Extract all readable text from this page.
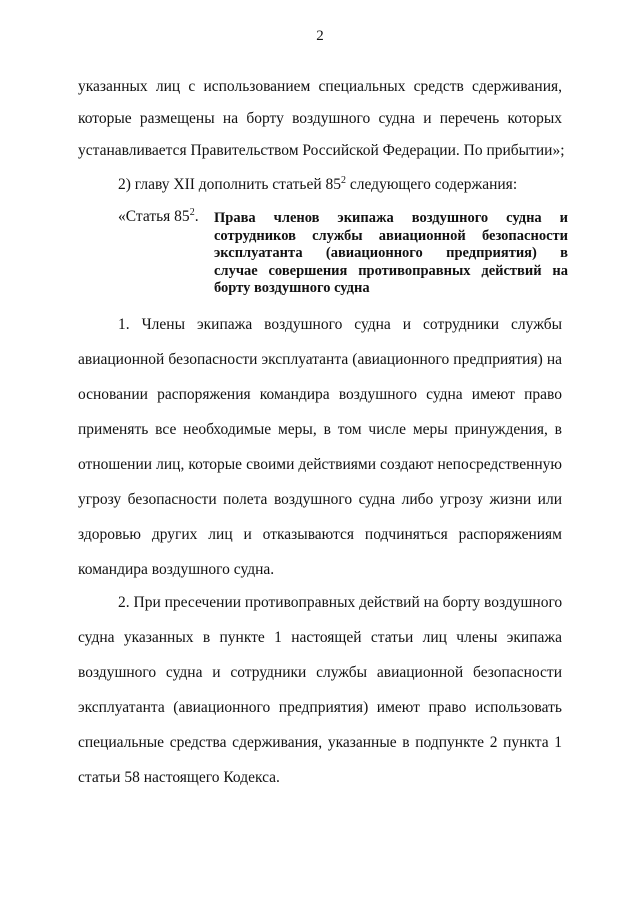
2
указанных лиц с использованием специальных средств сдерживания,
которые размещены на борту воздушного судна и перечень которых
устанавливается Правительством Российской Федерации. По прибытии»;
2) главу XII дополнить статьей $85^2$ следующего содержания:
«Статья $85^2$. Права членов экипажа воздушного судна и
сотрудников службы авиационной безопасности
эксплуатанта (авиационного предприятия) в
случае совершения противоправных действий на
борту воздушного судна
1. Члены экипажа воздушного судна и сотрудники службы
авиационной безопасности эксплуатанта (авиационного предприятия) на
основании распоряжения командира воздушного судна имеют право
применять все необходимые меры, в том числе меры принуждения, в
отношении лиц, которые своими действиями создают непосредственную
угрозу безопасности полета воздушного судна либо угрозу жизни или
здоровью других лиц и отказываются подчиняться распоряжениям
командира воздушного судна.
2. При пресечении противоправных действий на борту воздушного
судна указанных в пункте 1 настоящей статьи лиц члены экипажа
воздушного судна и сотрудники службы авиационной безопасности
эксплуатанта (авиационного предприятия) имеют право использовать
специальные средства сдерживания, указанные в подпункте 2 пункта 1
статьи 58 настоящего Кодекса.
